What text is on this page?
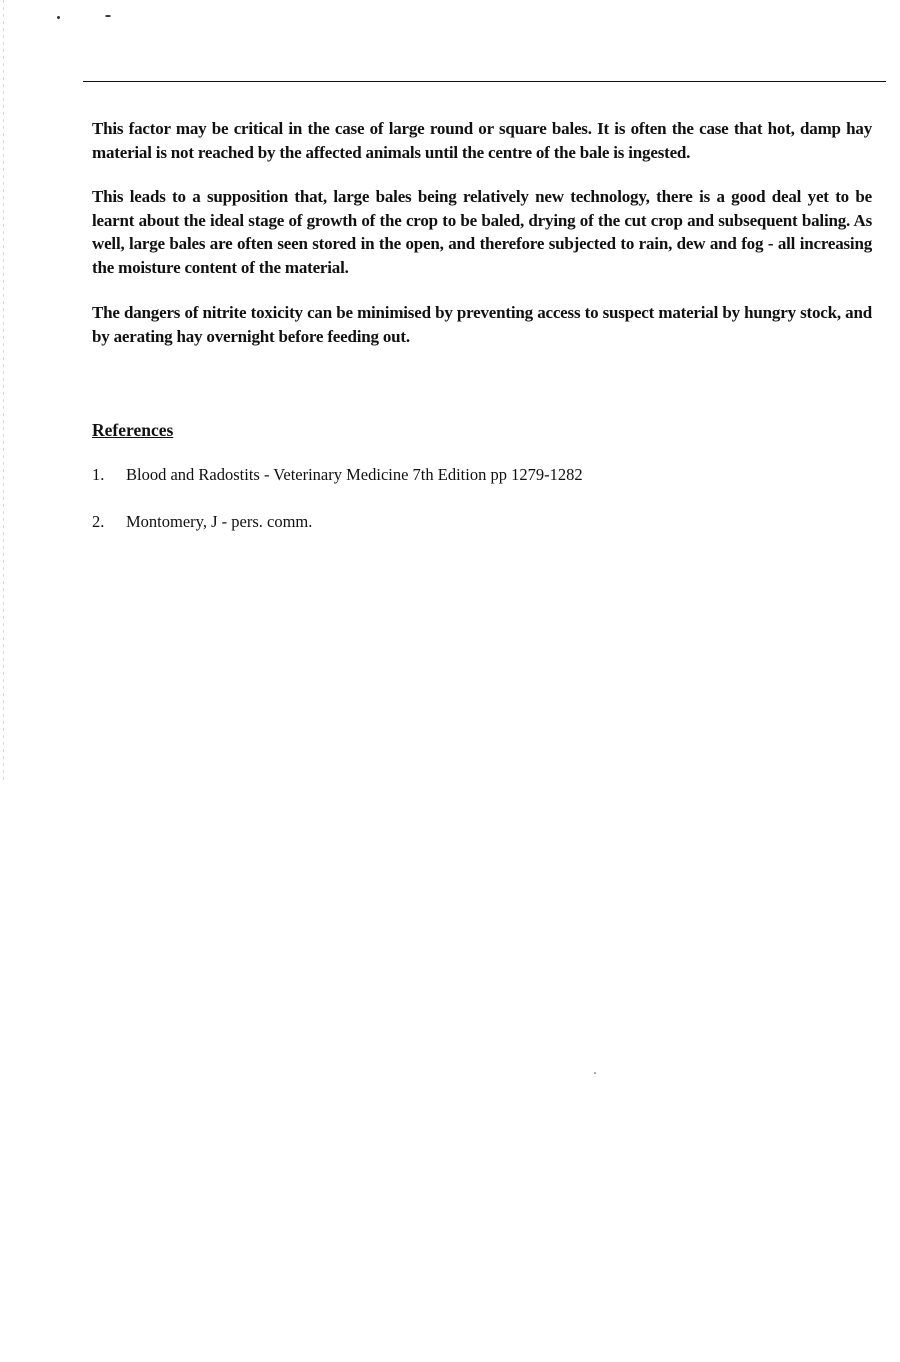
This factor may be critical in the case of large round or square bales. It is often the case that hot, damp hay material is not reached by the affected animals until the centre of the bale is ingested.

This leads to a supposition that, large bales being relatively new technology, there is a good deal yet to be learnt about the ideal stage of growth of the crop to be baled, drying of the cut crop and subsequent baling. As well, large bales are often seen stored in the open, and therefore subjected to rain, dew and fog - all increasing the moisture content of the material.

The dangers of nitrite toxicity can be minimised by preventing access to suspect material by hungry stock, and by aerating hay overnight before feeding out.

References

1.	Blood and Radostits - Veterinary Medicine 7th Edition pp 1279-1282

2.	Montomery, J - pers. comm.
